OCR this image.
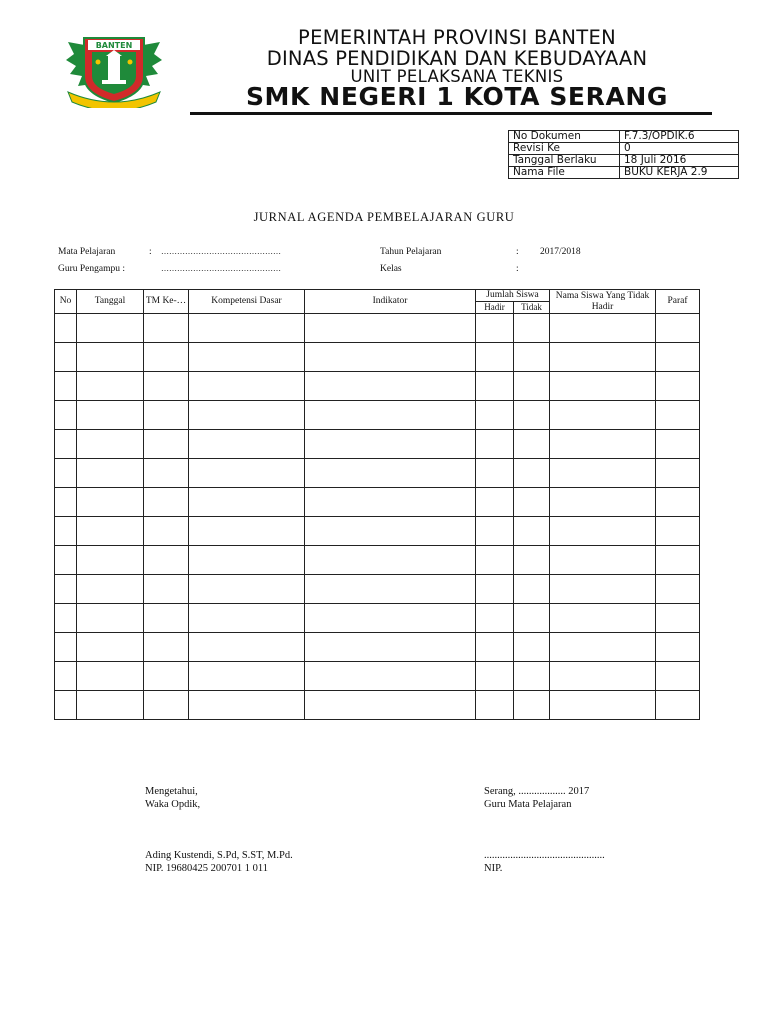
BANTEN	PEMERINTAH PROVINSI BANTEN
DINAS PENDIDIKAN DAN KEBUDAYAAN
UNIT PELAKSANA TEKNIS
SMK NEGERI 1 KOTA SERANG
No Dokumen	F.7.3/OPDIK.6
Revisi Ke	0
Tanggal Berlaku	18 Juli 2016
Nama File	BUKU KERJA 2.9
JURNAL AGENDA PEMBELAJARAN GURU
Mata Pelajaran	: ………………………………………
Guru Pengampu :	………………………………………
Tahun Pelajaran	: 2017/2018
Kelas	:
No	Tanggal	TM Ke-…	Kompetensi Dasar	Indikator	Jumlah Siswa		Nama Siswa Yang Tidak Hadir	Paraf
					Hadir	Tidak		

Mengetahui,
Waka Opdik,
Ading Kustendi, S.Pd, S.ST, M.Pd.
NIP. 19680425 200701 1 011
Serang, .................. 2017
Guru Mata Pelajaran
..............................................
NIP.
